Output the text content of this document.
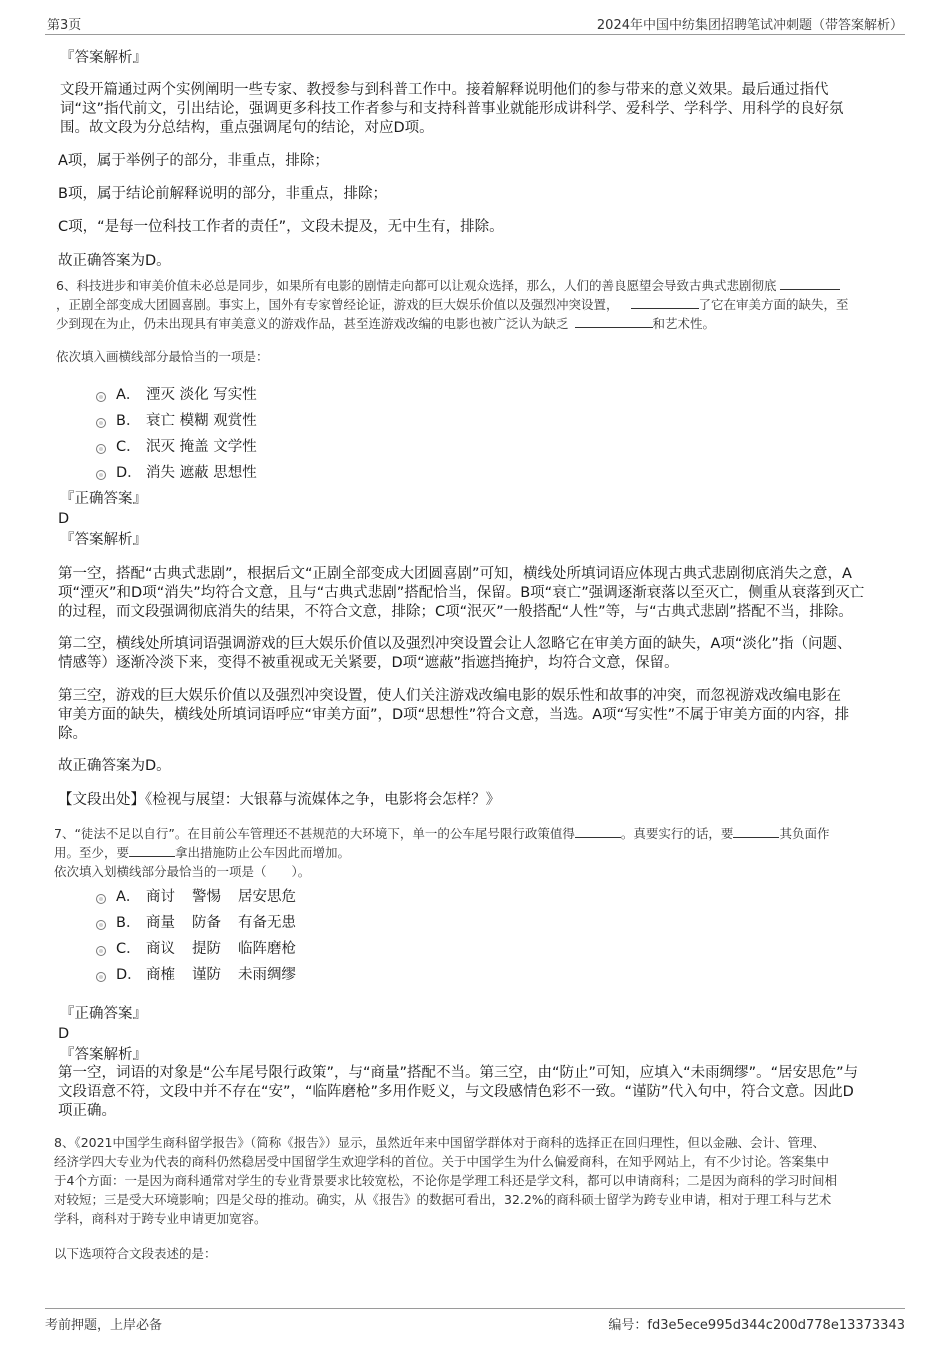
第3页	2024年中国中纺集团招聘笔试冲刺题（带答案解析）
『答案解析』
文段开篇通过两个实例阐明一些专家、教授参与到科普工作中。接着解释说明他们的参与带来的意义效果。最后通过指代
词“这”指代前文，引出结论，强调更多科技工作者参与和支持科普事业就能形成讲科学、爱科学、学科学、用科学的良好氛
围。故文段为分总结构，重点强调尾句的结论，对应D项。
A项，属于举例子的部分，非重点，排除；
B项，属于结论前解释说明的部分，非重点，排除；
C项，“是每一位科技工作者的责任”，文段未提及，无中生有，排除。
故正确答案为D。
6、科技进步和审美价值未必总是同步，如果所有电影的剧情走向都可以让观众选择，那么，人们的善良愿望会导致古典式悲剧彻底
，正剧全部变成大团圆喜剧。事实上，国外有专家曾经论证，游戏的巨大娱乐价值以及强烈冲突设置，	了它在审美方面的缺失，至
少到现在为止，仍未出现具有审美意义的游戏作品，甚至连游戏改编的电影也被广泛认为缺乏	和艺术性。
依次填入画横线部分最恰当的一项是：
A． 湮灭 淡化 写实性
B． 衰亡 模糊 观赏性
C． 泯灭 掩盖 文学性
D． 消失 遮蔽 思想性
『正确答案』
D
『答案解析』
第一空，搭配“古典式悲剧”，根据后文“正剧全部变成大团圆喜剧”可知，横线处所填词语应体现古典式悲剧彻底消失之意，A
项“湮灭”和D项“消失”均符合文意，且与“古典式悲剧”搭配恰当，保留。B项“衰亡”强调逐渐衰落以至灭亡，侧重从衰落到灭亡
的过程，而文段强调彻底消失的结果，不符合文意，排除；C项“泯灭”一般搭配“人性”等，与“古典式悲剧”搭配不当，排除。
第二空，横线处所填词语强调游戏的巨大娱乐价值以及强烈冲突设置会让人忽略它在审美方面的缺失，A项“淡化”指（问题、
情感等）逐渐冷淡下来，变得不被重视或无关紧要，D项“遮蔽”指遮挡掩护，均符合文意，保留。
第三空，游戏的巨大娱乐价值以及强烈冲突设置，使人们关注游戏改编电影的娱乐性和故事的冲突，而忽视游戏改编电影在
审美方面的缺失，横线处所填词语呼应“审美方面”，D项“思想性”符合文意，当选。A项“写实性”不属于审美方面的内容，排
除。
故正确答案为D。
【文段出处】《检视与展望：大银幕与流媒体之争，电影将会怎样？》
7、“徒法不足以自行”。在目前公车管理还不甚规范的大环境下，单一的公车尾号限行政策值得	。真要实行的话，要	其负面作
用。至少，要	拿出措施防止公车因此而增加。
依次填入划横线部分最恰当的一项是（　　）。
A． 商讨 警惕 居安思危
B． 商量 防备 有备无患
C． 商议 提防 临阵磨枪
D． 商榷 谨防 未雨绸缪
『正确答案』
D
『答案解析』
第一空，词语的对象是“公车尾号限行政策”，与“商量”搭配不当。第三空，由“防止”可知，应填入“未雨绸缪”。“居安思危”与
文段语意不符，文段中并不存在“安”，“临阵磨枪”多用作贬义，与文段感情色彩不一致。“谨防”代入句中，符合文意。因此D
项正确。
8、《2021中国学生商科留学报告》（简称《报告》）显示，虽然近年来中国留学群体对于商科的选择正在回归理性，但以金融、会计、管理、
经济学四大专业为代表的商科仍然稳居受中国留学生欢迎学科的首位。关于中国学生为什么偏爱商科，在知乎网站上，有不少讨论。答案集中
于4个方面：一是因为商科通常对学生的专业背景要求比较宽松，不论你是学理工科还是学文科，都可以申请商科；二是因为商科的学习时间相
对较短；三是受大环境影响；四是父母的推动。确实，从《报告》的数据可看出，32.2%的商科硕士留学为跨专业申请，相对于理工科与艺术
学科，商科对于跨专业申请更加宽容。
以下选项符合文段表述的是：
考前押题，上岸必备	编号：fd3e5ece995d344c200d778e13373343
